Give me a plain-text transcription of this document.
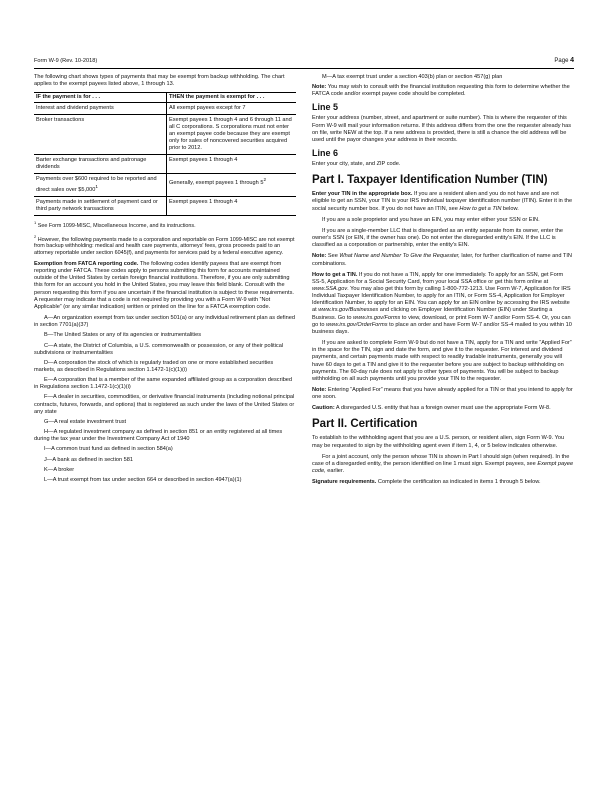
Form W-9 (Rev. 10-2018)	Page 4

The following chart shows types of payments that may be exempt from backup withholding. The chart applies to the exempt payees listed above, 1 through 13.

IF the payment is for . . .	THEN the payment is exempt for . . .
Interest and dividend payments	All exempt payees except for 7
Broker transactions	Exempt payees 1 through 4 and 6 through 11 and all C corporations. S corporations must not enter an exempt payee code because they are exempt only for sales of noncovered securities acquired prior to 2012.
Barter exchange transactions and patronage dividends	Exempt payees 1 through 4
Payments over $600 required to be reported and direct sales over $5,000$^1$	Generally, exempt payees 1 through $5^2$
Payments made in settlement of payment card or third party network transactions	Exempt payees 1 through 4

$^1$ See Form 1099-MISC, Miscellaneous Income, and its instructions.

$^2$ However, the following payments made to a corporation and reportable on Form 1099-MISC are not exempt from backup withholding: medical and health care payments, attorneys' fees, gross proceeds paid to an attorney reportable under section 6045(f), and payments for services paid by a federal executive agency.

Exemption from FATCA reporting code. The following codes identify payees that are exempt from reporting under FATCA. These codes apply to persons submitting this form for accounts maintained outside of the United States by certain foreign financial institutions. Therefore, if you are only submitting this form for an account you hold in the United States, you may leave this field blank. Consult with the person requesting this form if you are uncertain if the financial institution is subject to these requirements. A requester may indicate that a code is not required by providing you with a Form W-9 with “Not Applicable” (or any similar indication) written or printed on the line for a FATCA exemption code.

A—An organization exempt from tax under section 501(a) or any individual retirement plan as defined in section 7701(a)(37)

B—The United States or any of its agencies or instrumentalities

C—A state, the District of Columbia, a U.S. commonwealth or possession, or any of their political subdivisions or instrumentalities

D—A corporation the stock of which is regularly traded on one or more established securities markets, as described in Regulations section 1.1472-1(c)(1)(i)

E—A corporation that is a member of the same expanded affiliated group as a corporation described in Regulations section 1.1472-1(c)(1)(i)

F—A dealer in securities, commodities, or derivative financial instruments (including notional principal contracts, futures, forwards, and options) that is registered as such under the laws of the United States or any state

G—A real estate investment trust

H—A regulated investment company as defined in section 851 or an entity registered at all times during the tax year under the Investment Company Act of 1940

I—A common trust fund as defined in section 584(a)

J—A bank as defined in section 581

K—A broker

L—A trust exempt from tax under section 664 or described in section 4947(a)(1)

M—A tax exempt trust under a section 403(b) plan or section 457(g) plan

Note: You may wish to consult with the financial institution requesting this form to determine whether the FATCA code and/or exempt payee code should be completed.

Line 5

Enter your address (number, street, and apartment or suite number). This is where the requester of this Form W-9 will mail your information returns. If this address differs from the one the requester already has on file, write NEW at the top. If a new address is provided, there is still a chance the old address will be used until the payor changes your address in their records.

Line 6

Enter your city, state, and ZIP code.

Part I. Taxpayer Identification Number (TIN)

Enter your TIN in the appropriate box. If you are a resident alien and you do not have and are not eligible to get an SSN, your TIN is your IRS individual taxpayer identification number (ITIN). Enter it in the social security number box. If you do not have an ITIN, see How to get a TIN below.

If you are a sole proprietor and you have an EIN, you may enter either your SSN or EIN.

If you are a single-member LLC that is disregarded as an entity separate from its owner, enter the owner's SSN (or EIN, if the owner has one). Do not enter the disregarded entity's EIN. If the LLC is classified as a corporation or partnership, enter the entity's EIN.

Note: See What Name and Number To Give the Requester, later, for further clarification of name and TIN combinations.

How to get a TIN. If you do not have a TIN, apply for one immediately. To apply for an SSN, get Form SS-5, Application for a Social Security Card, from your local SSA office or get this form online at www.SSA.gov. You may also get this form by calling 1-800-772-1213. Use Form W-7, Application for IRS Individual Taxpayer Identification Number, to apply for an ITIN, or Form SS-4, Application for Employer Identification Number, to apply for an EIN. You can apply for an EIN online by accessing the IRS website at www.irs.gov/Businesses and clicking on Employer Identification Number (EIN) under Starting a Business. Go to www.irs.gov/Forms to view, download, or print Form W-7 and/or Form SS-4. Or, you can go to www.irs.gov/OrderForms to place an order and have Form W-7 and/or SS-4 mailed to you within 10 business days.

If you are asked to complete Form W-9 but do not have a TIN, apply for a TIN and write “Applied For” in the space for the TIN, sign and date the form, and give it to the requester. For interest and dividend payments, and certain payments made with respect to readily tradable instruments, generally you will have 60 days to get a TIN and give it to the requester before you are subject to backup withholding on payments. The 60-day rule does not apply to other types of payments. You will be subject to backup withholding on all such payments until you provide your TIN to the requester.

Note: Entering “Applied For” means that you have already applied for a TIN or that you intend to apply for one soon.

Caution: A disregarded U.S. entity that has a foreign owner must use the appropriate Form W-8.

Part II. Certification

To establish to the withholding agent that you are a U.S. person, or resident alien, sign Form W-9. You may be requested to sign by the withholding agent even if item 1, 4, or 5 below indicates otherwise.

For a joint account, only the person whose TIN is shown in Part I should sign (when required). In the case of a disregarded entity, the person identified on line 1 must sign. Exempt payees, see Exempt payee code, earlier.

Signature requirements. Complete the certification as indicated in items 1 through 5 below.
